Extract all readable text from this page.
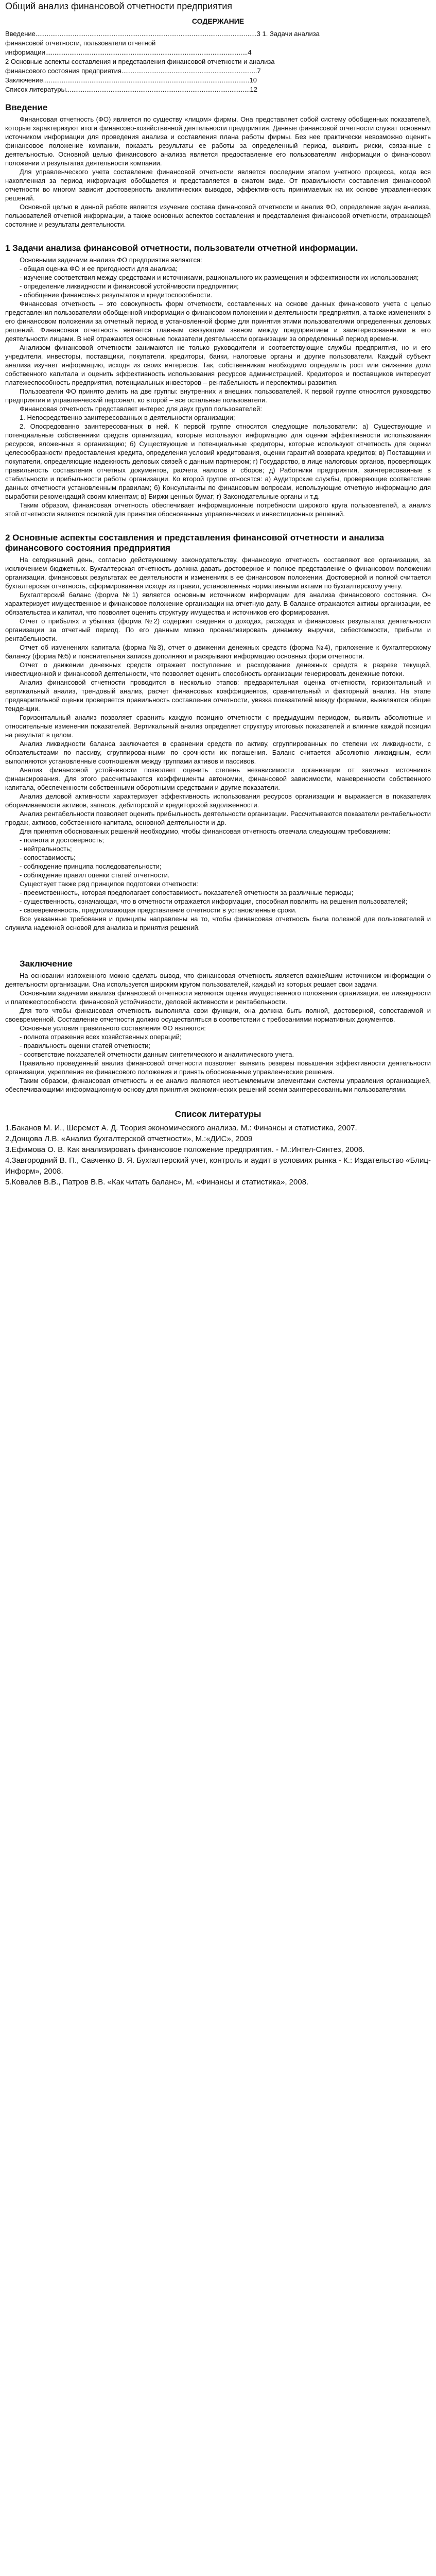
Общий анализ финансовой отчетности предприятия
СОДЕРЖАНИЕ

Введение.......................................................................................................................3 1. Задачи анализа

финансовой отчетности, пользователи отчетной

информации.............................................................................................................4

2 Основные аспекты составления и представления финансовой отчетности и анализа

финансового состояния предприятия.........................................................................7

Заключение...............................................................................................................10

Список литературы...................................................................................................12

Введение

Финансовая отчетность (ФО) является по существу «лицом» фирмы. Она представляет собой систему обобщенных показателей, которые характеризуют итоги финансово-хозяйственной деятельности предприятия. Данные финансовой отчетности служат основным источником информации для проведения анализа и составления плана работы фирмы. Без нее практически невозможно оценить финансовое положение компании, показать результаты ее работы за определенный период, выявить риски, связанные с деятельностью. Основной целью финансового анализа является предоставление его пользователям информации о финансовом положении и результатах деятельности компании.

Для управленческого учета составление финансовой отчетности является последним этапом учетного процесса, когда вся накопленная за период информация обобщается и представляется в сжатом виде. От правильности составления финансовой отчетности во многом зависит достоверность аналитических выводов, эффективность принимаемых на их основе управленческих решений.

Основной целью в данной работе является изучение состава финансовой отчетности и анализ ФО, определение задач анализа, пользователей отчетной информации, а также основных аспектов составления и представления финансовой отчетности, отражающей состояние и результаты деятельности.

1 Задачи анализа финансовой отчетности, пользователи отчетной информации.

Основными задачами анализа ФО предприятия являются:

- общая оценка ФО и ее пригодности для анализа;

- изучение соответствия между средствами и источниками, рационального их размещения и эффективности их использования;

- определение ликвидности и финансовой устойчивости предприятия;

- обобщение финансовых результатов и кредитоспособности.

Финансовая отчетность – это совокупность форм отчетности, составленных на основе данных финансового учета с целью представления пользователям обобщенной информации о финансовом положении и деятельности предприятия, а также изменениях в его финансовом положении за отчетный период в установленной форме для принятия этими пользователями определенных деловых решений. Финансовая отчетность является главным связующим звеном между предприятием и заинтересованными в его деятельности лицами. В ней отражаются основные показатели деятельности организации за определенный период времени.

Анализом финансовой отчетности занимаются не только руководители и соответствующие службы предприятия, но и его учредители, инвесторы, поставщики, покупатели, кредиторы, банки, налоговые органы и другие пользователи. Каждый субъект анализа изучает информацию, исходя из своих интересов. Так, собственникам необходимо определить рост или снижение доли собственного капитала и оценить эффективность использования ресурсов администрацией. Кредиторов и поставщиков интересует платежеспособность предприятия, потенциальных инвесторов – рентабельность и перспективы развития.

Пользователи ФО принято делить на две группы: внутренних и внешних пользователей. К первой группе относятся руководство предприятия и управленческий персонал, ко второй – все остальные пользователи.

Финансовая отчетность представляет интерес для двух групп пользователей:

1. Непосредственно заинтересованных в деятельности организации;

2. Опосредованно заинтересованных в ней. К первой группе относятся следующие пользователи: а) Существующие и потенциальные собственники средств организации, которые используют информацию для оценки эффективности использования ресурсов, вложенных в организацию; б) Существующие и потенциальные кредиторы, которые используют отчетность для оценки целесообразности предоставления кредита, определения условий кредитования, оценки гарантий возврата кредитов; в) Поставщики и покупатели, определяющие надежность деловых связей с данным партнером; г) Государство, в лице налоговых органов, проверяющих правильность составления отчетных документов, расчета налогов и сборов; д) Работники предприятия, заинтересованные в стабильности и прибыльности работы организации. Ко второй группе относятся: а) Аудиторские службы, проверяющие соответствие данных отчетности установленным правилам; б) Консультанты по финансовым вопросам, использующие отчетную информацию для выработки рекомендаций своим клиентам; в) Биржи ценных бумаг; г) Законодательные органы и т.д.

Таким образом, финансовая отчетность обеспечивает информационные потребности широкого круга пользователей, а анализ этой отчетности является основой для принятия обоснованных управленческих и инвестиционных решений.

2 Основные аспекты составления и представления финансовой отчетности и анализа финансового состояния предприятия

На сегодняшний день, согласно действующему законодательству, финансовую отчетность составляют все организации, за исключением бюджетных. Бухгалтерская отчетность должна давать достоверное и полное представление о финансовом положении организации, финансовых результатах ее деятельности и изменениях в ее финансовом положении. Достоверной и полной считается бухгалтерская отчетность, сформированная исходя из правил, установленных нормативными актами по бухгалтерскому учету.

Бухгалтерский баланс (форма №1) является основным источником информации для анализа финансового состояния. Он характеризует имущественное и финансовое положение организации на отчетную дату. В балансе отражаются активы организации, ее обязательства и капитал, что позволяет оценить структуру имущества и источников его формирования.

Отчет о прибылях и убытках (форма №2) содержит сведения о доходах, расходах и финансовых результатах деятельности организации за отчетный период. По его данным можно проанализировать динамику выручки, себестоимости, прибыли и рентабельности.

Отчет об изменениях капитала (форма №3), отчет о движении денежных средств (форма №4), приложение к бухгалтерскому балансу (форма №5) и пояснительная записка дополняют и раскрывают информацию основных форм отчетности.

Отчет о движении денежных средств отражает поступление и расходование денежных средств в разрезе текущей, инвестиционной и финансовой деятельности, что позволяет оценить способность организации генерировать денежные потоки.

Анализ финансовой отчетности проводится в несколько этапов: предварительная оценка отчетности, горизонтальный и вертикальный анализ, трендовый анализ, расчет финансовых коэффициентов, сравнительный и факторный анализ. На этапе предварительной оценки проверяется правильность составления отчетности, увязка показателей между формами, выявляются общие тенденции.

Горизонтальный анализ позволяет сравнить каждую позицию отчетности с предыдущим периодом, выявить абсолютные и относительные изменения показателей. Вертикальный анализ определяет структуру итоговых показателей и влияние каждой позиции на результат в целом.

Анализ ликвидности баланса заключается в сравнении средств по активу, сгруппированных по степени их ликвидности, с обязательствами по пассиву, сгруппированными по срочности их погашения. Баланс считается абсолютно ликвидным, если выполняются установленные соотношения между группами активов и пассивов.

Анализ финансовой устойчивости позволяет оценить степень независимости организации от заемных источников финансирования. Для этого рассчитываются коэффициенты автономии, финансовой зависимости, маневренности собственного капитала, обеспеченности собственными оборотными средствами и другие показатели.

Анализ деловой активности характеризует эффективность использования ресурсов организации и выражается в показателях оборачиваемости активов, запасов, дебиторской и кредиторской задолженности.

Анализ рентабельности позволяет оценить прибыльность деятельности организации. Рассчитываются показатели рентабельности продаж, активов, собственного капитала, основной деятельности и др.

Для принятия обоснованных решений необходимо, чтобы финансовая отчетность отвечала следующим требованиям:

- полнота и достоверность;

- нейтральность;

- сопоставимость;

- соблюдение принципа последовательности;

- соблюдение правил оценки статей отчетности.

Существует также ряд принципов подготовки отчетности:

- преемственность, которая предполагает сопоставимость показателей отчетности за различные периоды;

- существенность, означающая, что в отчетности отражается информация, способная повлиять на решения пользователей;

- своевременность, предполагающая представление отчетности в установленные сроки.

Все указанные требования и принципы направлены на то, чтобы финансовая отчетность была полезной для пользователей и служила надежной основой для анализа и принятия решений.

Заключение

На основании изложенного можно сделать вывод, что финансовая отчетность является важнейшим источником информации о деятельности организации. Она используется широким кругом пользователей, каждый из которых решает свои задачи.

Основными задачами анализа финансовой отчетности являются оценка имущественного положения организации, ее ликвидности и платежеспособности, финансовой устойчивости, деловой активности и рентабельности.

Для того чтобы финансовая отчетность выполняла свои функции, она должна быть полной, достоверной, сопоставимой и своевременной. Составление отчетности должно осуществляться в соответствии с требованиями нормативных документов.

Основные условия правильного составления ФО являются:

- полнота отражения всех хозяйственных операций;

- правильность оценки статей отчетности;

- соответствие показателей отчетности данным синтетического и аналитического учета.

Правильно проведенный анализ финансовой отчетности позволяет выявить резервы повышения эффективности деятельности организации, укрепления ее финансового положения и принять обоснованные управленческие решения.

Таким образом, финансовая отчетность и ее анализ являются неотъемлемыми элементами системы управления организацией, обеспечивающими информационную основу для принятия экономических решений всеми заинтересованными пользователями.

Список литературы

1.Баканов М. И., Шеремет А. Д. Теория экономического анализа. М.: Финансы и статистика, 2007.

2.Донцова Л.В. «Анализ бухгалтерской отчетности», М.:«ДИС», 2009

3.Ефимова О. В. Как анализировать финансовое положение предприятия. - М.:Интел-Синтез, 2006.

4.Завгородний В. П., Савченко В. Я. Бухгалтерский учет, контроль и аудит в условиях рынка - К.: Издательство «Блиц-Информ», 2008.

5.Ковалев В.В., Патров В.В. «Как читать баланс», М. «Финансы и статистика», 2008.
